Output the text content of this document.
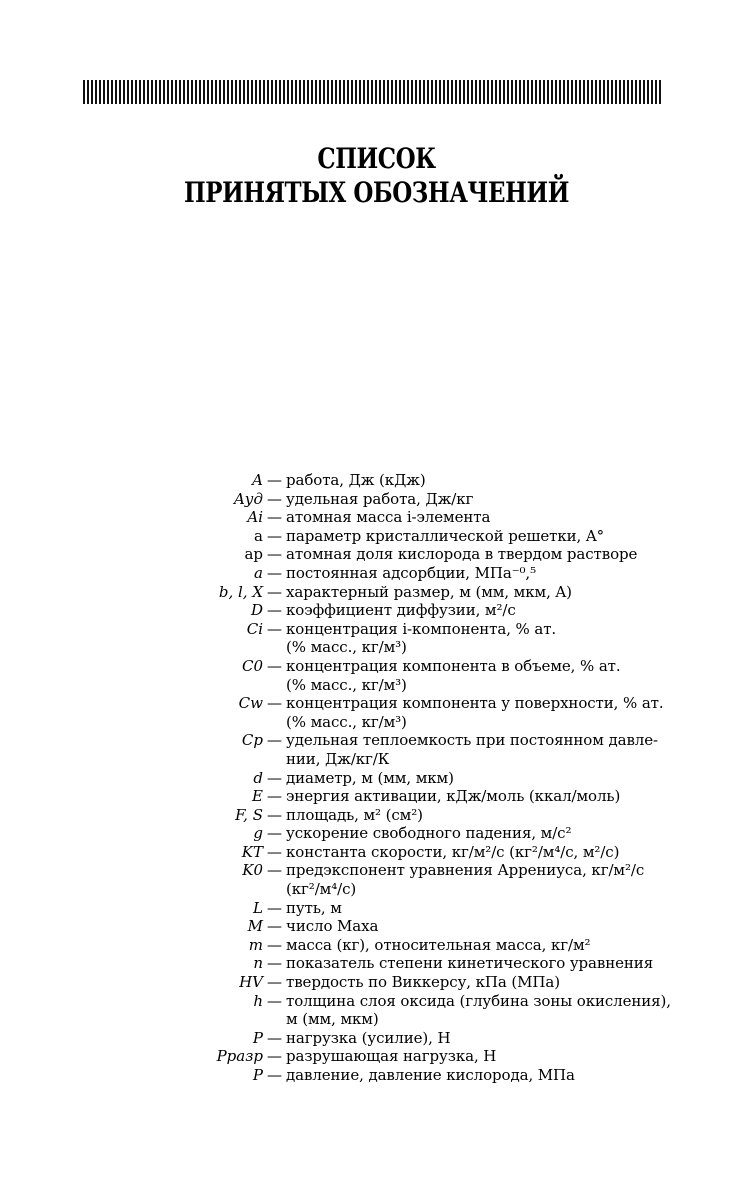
СПИСОК
ПРИНЯТЫХ ОБОЗНАЧЕНИЙ
A — работа, Дж (кДж)
Aуд — удельная работа, Дж/кг
Ai — атомная масса i-элемента
a — параметр кристаллической решетки, A°
aр — атомная доля кислорода в твердом растворе
a — постоянная адсорбции, МПа⁻⁰,⁵
b, l, X — характерный размер, м (мм, мкм, A)
D — коэффициент диффузии, м²/с
Ci — концентрация i-компонента, % ат.
(% масс., кг/м³)
C0 — концентрация компонента в объеме, % ат.
(% масс., кг/м³)
Cw — концентрация компонента у поверхности, % ат.
(% масс., кг/м³)
Cp — удельная теплоемкость при постоянном давле-
нии, Дж/кг/К
d — диаметр, м (мм, мкм)
E — энергия активации, кДж/моль (ккал/моль)
F, S — площадь, м² (см²)
g — ускорение свободного падения, м/с²
KT — константа скорости, кг/м²/с (кг²/м⁴/с, м²/с)
K0 — предэкспонент уравнения Аррениуса, кг/м²/с
(кг²/м⁴/с)
L — путь, м
M — число Маха
m — масса (кг), относительная масса, кг/м²
n — показатель степени кинетического уравнения
HV — твердость по Виккерсу, кПа (МПа)
h — толщина слоя оксида (глубина зоны окисления),
м (мм, мкм)
P — нагрузка (усилие), Н
Pразр — разрушающая нагрузка, Н
P — давление, давление кислорода, МПа
